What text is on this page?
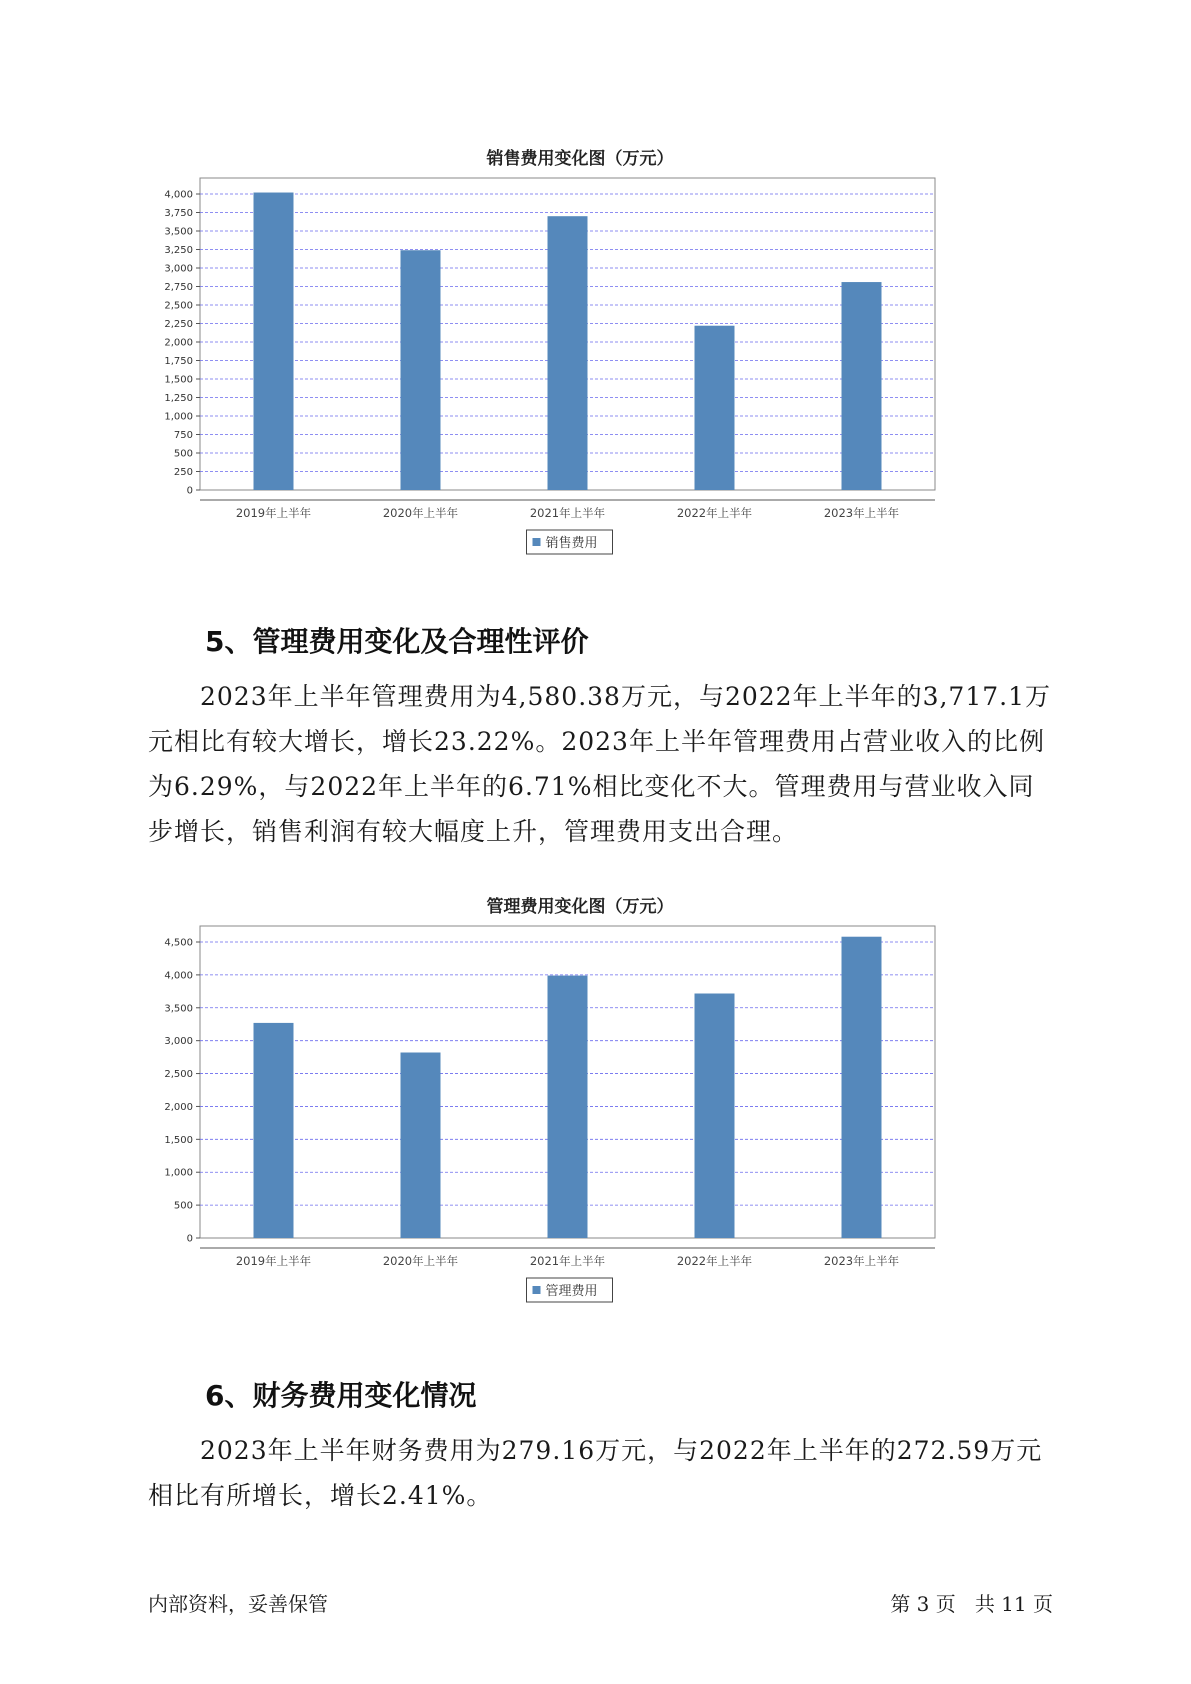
销售费用变化图（万元）
0
250
500
750
1,000
1,250
1,500
1,750
2,000
2,250
2,500
2,750
3,000
3,250
3,500
3,750
4,000
2019年上半年	2020年上半年	2021年上半年	2022年上半年	2023年上半年
销售费用
5、管理费用变化及合理性评价

2023年上半年管理费用为4,580.38万元，与2022年上半年的3,717.1万元相比有较大增长，增长23.22%。2023年上半年管理费用占营业收入的比例为6.29%，与2022年上半年的6.71%相比变化不大。管理费用与营业收入同步增长，销售利润有较大幅度上升，管理费用支出合理。

管理费用变化图（万元）
0
500
1,000
1,500
2,000
2,500
3,000
3,500
4,000
4,500
2019年上半年	2020年上半年	2021年上半年	2022年上半年	2023年上半年
管理费用
6、财务费用变化情况

2023年上半年财务费用为279.16万元，与2022年上半年的272.59万元相比有所增长，增长2.41%。

内部资料，妥善保管	第 3 页   共 11 页
